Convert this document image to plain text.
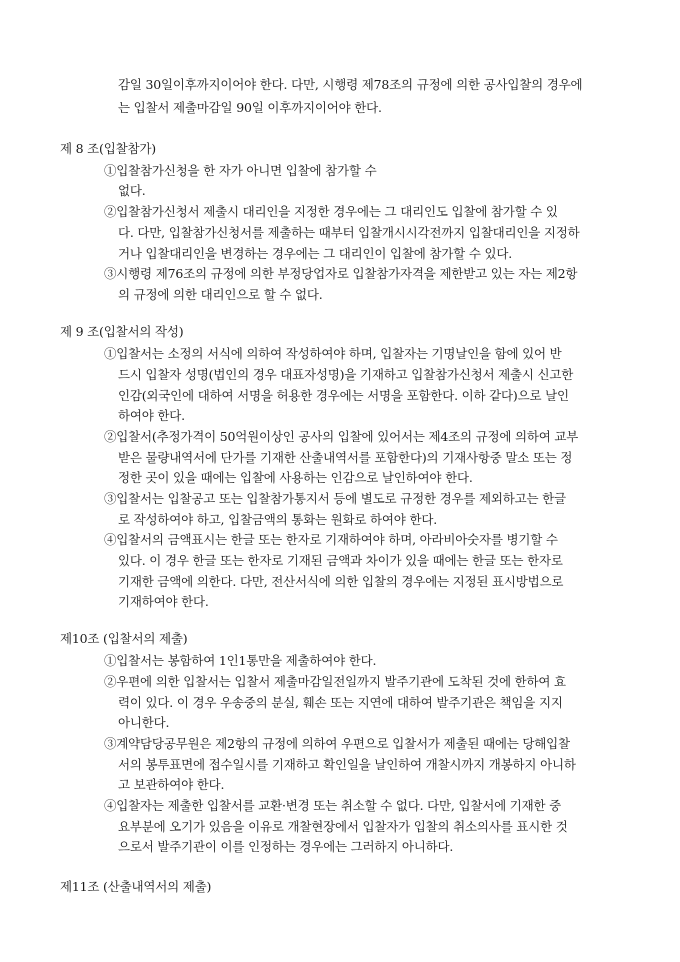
감일 30일이후까지이어야 한다. 다만, 시행령 제78조의 규정에 의한 공사입찰의 경우에
는 입찰서 제출마감일 90일 이후까지이어야 한다.
제 8 조(입찰참가)
①입찰참가신청을 한 자가 아니면 입찰에 참가할 수
없다.
②입찰참가신청서 제출시 대리인을 지정한 경우에는 그 대리인도 입찰에 참가할 수 있
다. 다만, 입찰참가신청서를 제출하는 때부터 입찰개시시각전까지 입찰대리인을 지정하
거나 입찰대리인을 변경하는 경우에는 그 대리인이 입찰에 참가할 수 있다.
③시행령 제76조의 규정에 의한 부정당업자로 입찰참가자격을 제한받고 있는 자는 제2항
의 규정에 의한 대리인으로 할 수 없다.
제 9 조(입찰서의 작성)
①입찰서는 소정의 서식에 의하여 작성하여야 하며, 입찰자는 기명날인을 함에 있어 반
드시 입찰자 성명(법인의 경우 대표자성명)을 기재하고 입찰참가신청서 제출시 신고한
인감(외국인에 대하여 서명을 허용한 경우에는 서명을 포함한다. 이하 같다)으로 날인
하여야 한다.
②입찰서(추정가격이 50억원이상인 공사의 입찰에 있어서는 제4조의 규정에 의하여 교부
받은 물량내역서에 단가를 기재한 산출내역서를 포함한다)의 기재사항중 말소 또는 정
정한 곳이 있을 때에는 입찰에 사용하는 인감으로 날인하여야 한다.
③입찰서는 입찰공고 또는 입찰참가통지서 등에 별도로 규정한 경우를 제외하고는 한글
로 작성하여야 하고, 입찰금액의 통화는 원화로 하여야 한다.
④입찰서의 금액표시는 한글 또는 한자로 기재하여야 하며, 아라비아숫자를 병기할 수
있다. 이 경우 한글 또는 한자로 기재된 금액과 차이가 있을 때에는 한글 또는 한자로
기재한 금액에 의한다. 다만, 전산서식에 의한 입찰의 경우에는 지정된 표시방법으로
기재하여야 한다.
제10조 (입찰서의 제출)
①입찰서는 봉함하여 1인1통만을 제출하여야 한다.
②우편에 의한 입찰서는 입찰서 제출마감일전일까지 발주기관에 도착된 것에 한하여 효
력이 있다. 이 경우 우송중의 분실, 훼손 또는 지연에 대하여 발주기관은 책임을 지지
아니한다.
③계약담당공무원은 제2항의 규정에 의하여 우편으로 입찰서가 제출된 때에는 당해입찰
서의 봉투표면에 접수일시를 기재하고 확인일을 날인하여 개찰시까지 개봉하지 아니하
고 보관하여야 한다.
④입찰자는 제출한 입찰서를 교환·변경 또는 취소할 수 없다. 다만, 입찰서에 기재한 중
요부분에 오기가 있음을 이유로 개찰현장에서 입찰자가 입찰의 취소의사를 표시한 것
으로서 발주기관이 이를 인정하는 경우에는 그러하지 아니하다.
제11조 (산출내역서의 제출)
